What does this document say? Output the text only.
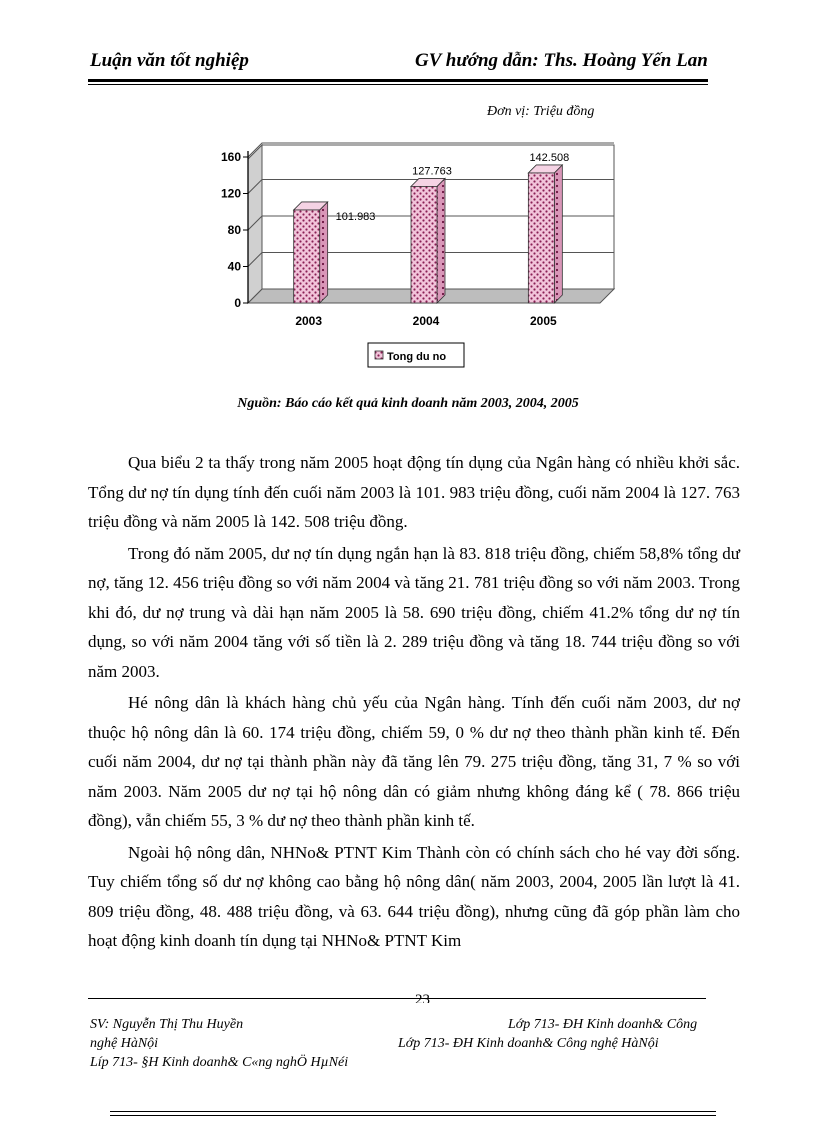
Luận văn tốt nghiệp	GV hướng dẫn: Ths. Hoàng Yến Lan
Đơn vị: Triệu đồng
0
40
80
120
160
2003
101.983
2004
127.763
2005
142.508
Tong du no
Nguồn: Báo cáo kết quả kinh doanh năm 2003, 2004, 2005

Qua biểu 2 ta thấy trong năm 2005 hoạt động tín dụng của Ngân hàng có nhiều khởi sắc. Tổng dư nợ tín dụng tính đến cuối năm 2003 là 101. 983 triệu đồng, cuối năm 2004 là 127. 763 triệu đồng và năm 2005 là 142. 508 triệu đồng.

Trong đó năm 2005, dư nợ tín dụng ngắn hạn là 83. 818 triệu đồng, chiếm 58,8% tổng dư nợ, tăng 12. 456 triệu đồng so với năm 2004 và tăng 21. 781 triệu đồng so với năm 2003. Trong khi đó, dư nợ trung và dài hạn năm 2005 là 58. 690 triệu đồng, chiếm 41.2% tổng dư nợ tín dụng, so với năm 2004 tăng với số tiền là 2. 289 triệu đồng và tăng 18. 744 triệu đồng so với năm 2003.

Hé nông dân là khách hàng chủ yếu của Ngân hàng. Tính đến cuối năm 2003, dư nợ thuộc hộ nông dân là 60. 174 triệu đồng, chiếm 59, 0 % dư nợ theo thành phần kinh tế. Đến cuối năm 2004, dư nợ tại thành phần này đã tăng lên 79. 275 triệu đồng, tăng 31, 7 % so với năm 2003. Năm 2005 dư nợ tại hộ nông dân có giảm nhưng không đáng kể ( 78. 866 triệu đồng), vẫn chiếm 55, 3 % dư nợ theo thành phần kinh tế.

Ngoài hộ nông dân, NHNo& PTNT Kim Thành còn có chính sách cho hé vay đời sống. Tuy chiếm tổng số dư nợ không cao bằng hộ nông dân( năm 2003, 2004, 2005 lần lượt là 41. 809 triệu đồng, 48. 488 triệu đồng, và 63. 644 triệu đồng), nhưng cũng đã góp phần làm cho hoạt động kinh doanh tín dụng tại NHNo& PTNT Kim

23
SV: Nguyễn Thị Thu Huyền	Lớp 713- ĐH Kinh doanh& Công
nghệ HàNội	Lớp 713- ĐH Kinh doanh& Công nghệ HàNội
Líp 713- §H Kinh doanh& C«ng nghÖ HµNéi
